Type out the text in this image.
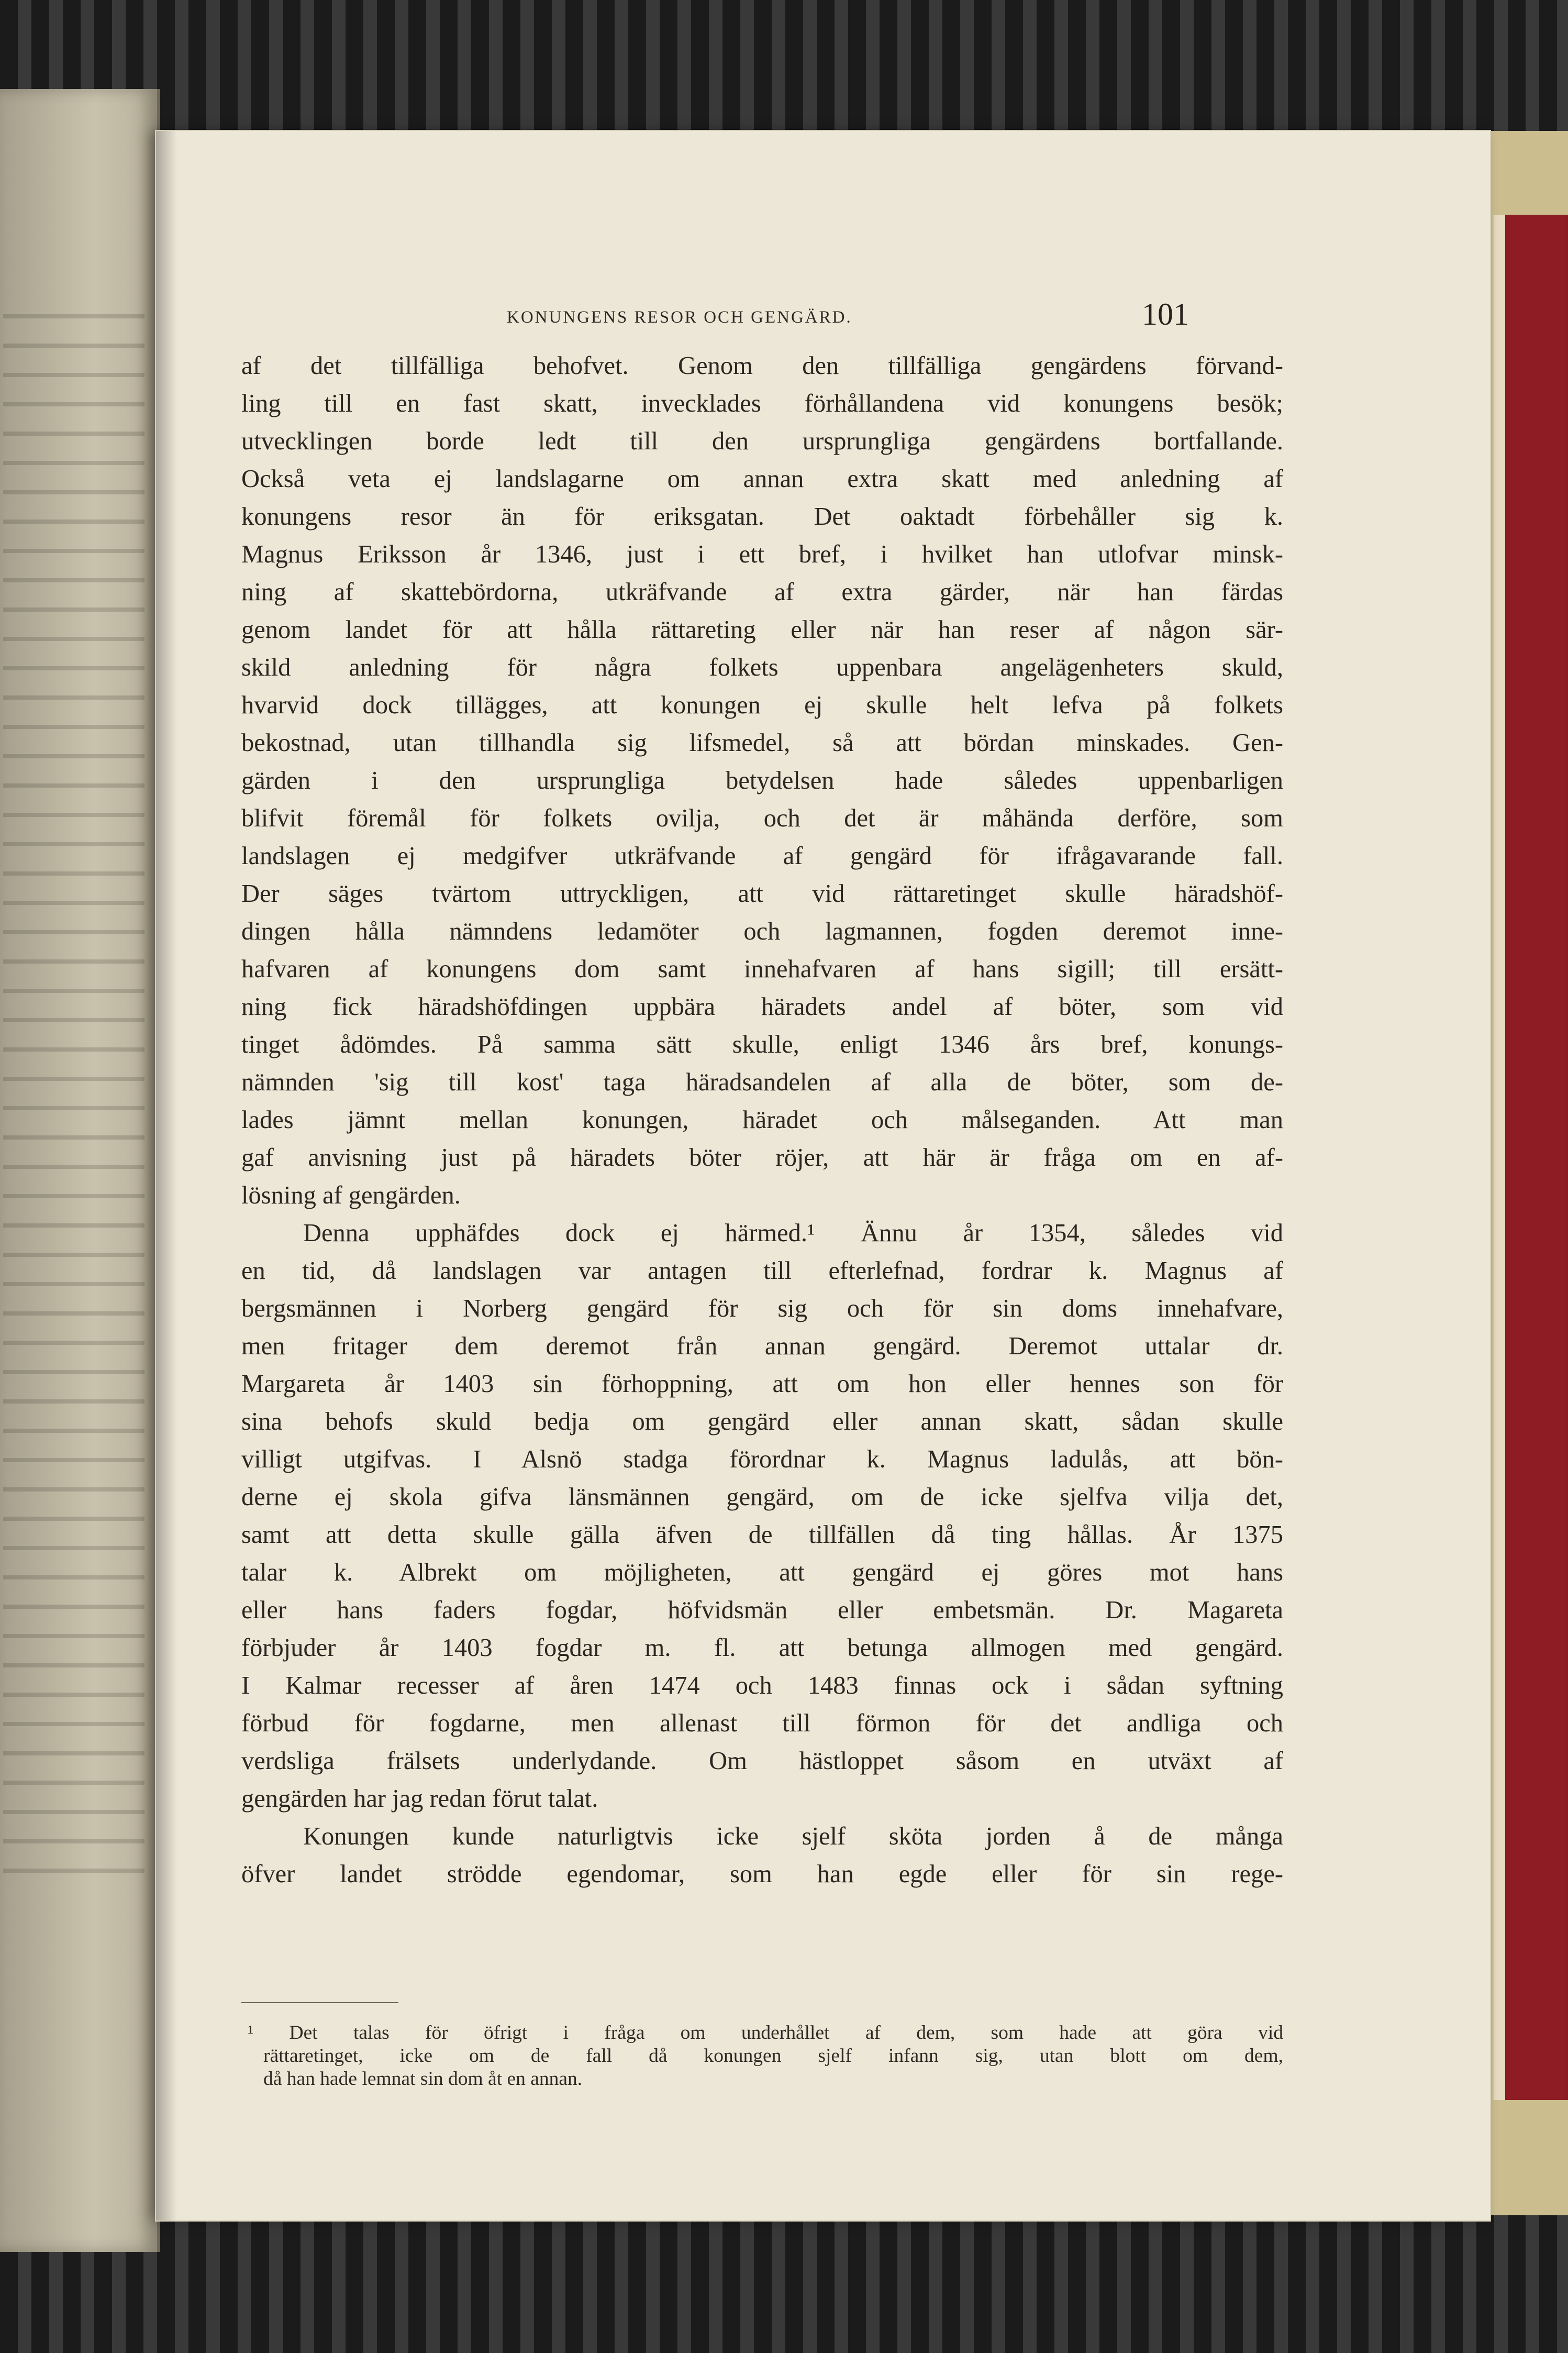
KONUNGENS RESOR OCH GENGÄRD.	101
af det tillfälliga behofvet. Genom den tillfälliga gengärdens förvand-
ling till en fast skatt, invecklades förhållandena vid konungens besök;
utvecklingen borde ledt till den ursprungliga gengärdens bortfallande.
Också veta ej landslagarne om annan extra skatt med anledning af
konungens resor än för eriksgatan. Det oaktadt förbehåller sig k.
Magnus Eriksson år 1346, just i ett bref, i hvilket han utlofvar minsk-
ning af skattebördorna, utkräfvande af extra gärder, när han färdas
genom landet för att hålla rättareting eller när han reser af någon sär-
skild anledning för några folkets uppenbara angelägenheters skuld,
hvarvid dock tillägges, att konungen ej skulle helt lefva på folkets
bekostnad, utan tillhandla sig lifsmedel, så att bördan minskades. Gen-
gärden i den ursprungliga betydelsen hade således uppenbarligen
blifvit föremål för folkets ovilja, och det är måhända derföre, som
landslagen ej medgifver utkräfvande af gengärd för ifrågavarande fall.
Der säges tvärtom uttryckligen, att vid rättaretinget skulle häradshöf-
dingen hålla nämndens ledamöter och lagmannen, fogden deremot inne-
hafvaren af konungens dom samt innehafvaren af hans sigill; till ersätt-
ning fick häradshöfdingen uppbära häradets andel af böter, som vid
tinget ådömdes. På samma sätt skulle, enligt 1346 års bref, konungs-
nämnden 'sig till kost' taga häradsandelen af alla de böter, som de-
lades jämnt mellan konungen, häradet och målseganden. Att man
gaf anvisning just på häradets böter röjer, att här är fråga om en af-
lösning af gengärden.
Denna upphäfdes dock ej härmed.¹ Ännu år 1354, således vid
en tid, då landslagen var antagen till efterlefnad, fordrar k. Magnus af
bergsmännen i Norberg gengärd för sig och för sin doms innehafvare,
men fritager dem deremot från annan gengärd. Deremot uttalar dr.
Margareta år 1403 sin förhoppning, att om hon eller hennes son för
sina behofs skuld bedja om gengärd eller annan skatt, sådan skulle
villigt utgifvas. I Alsnö stadga förordnar k. Magnus ladulås, att bön-
derne ej skola gifva länsmännen gengärd, om de icke sjelfva vilja det,
samt att detta skulle gälla äfven de tillfällen då ting hållas. År 1375
talar k. Albrekt om möjligheten, att gengärd ej göres mot hans
eller hans faders fogdar, höfvidsmän eller embetsmän. Dr. Magareta
förbjuder år 1403 fogdar m. fl. att betunga allmogen med gengärd.
I Kalmar recesser af åren 1474 och 1483 finnas ock i sådan syftning
förbud för fogdarne, men allenast till förmon för det andliga och
verdsliga frälsets underlydande. Om hästloppet såsom en utväxt af
gengärden har jag redan förut talat.
Konungen kunde naturligtvis icke sjelf sköta jorden å de många
öfver landet strödde egendomar, som han egde eller för sin rege-
¹ Det talas för öfrigt i fråga om underhållet af dem, som hade att göra vid
rättaretinget, icke om de fall då konungen sjelf infann sig, utan blott om dem,
då han hade lemnat sin dom åt en annan.
